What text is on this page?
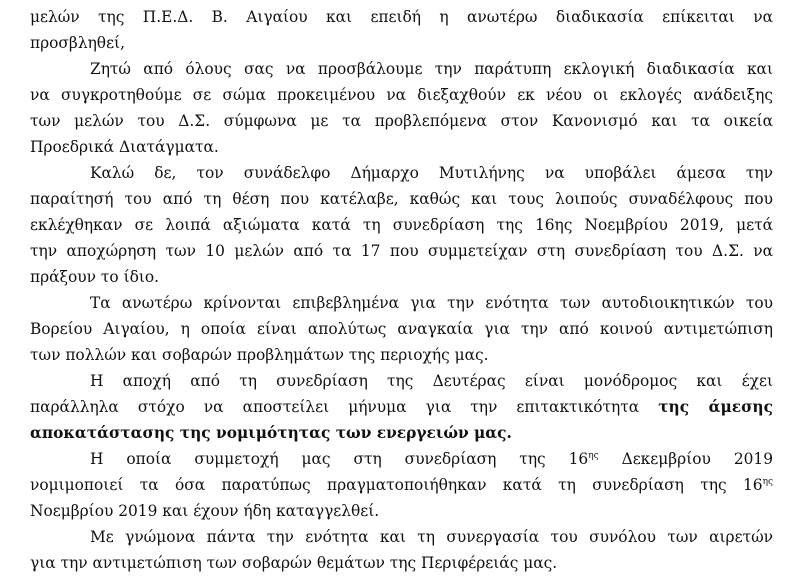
μελών της Π.Ε.Δ. Β. Αιγαίου και επειδή η ανωτέρω διαδικασία επίκειται να
προσβληθεί,
Ζητώ από όλους σας να προσβάλουμε την παράτυπη εκλογική διαδικασία και
να συγκροτηθούμε σε σώμα προκειμένου να διεξαχθούν εκ νέου οι εκλογές ανάδειξης
των μελών του Δ.Σ. σύμφωνα με τα προβλεπόμενα στον Κανονισμό και τα οικεία
Προεδρικά Διατάγματα.
Καλώ δε, τον συνάδελφο Δήμαρχο Μυτιλήνης να υποβάλει άμεσα την
παραίτησή του από τη θέση που κατέλαβε, καθώς και τους λοιπούς συναδέλφους που
εκλέχθηκαν σε λοιπά αξιώματα κατά τη συνεδρίαση της 16ης Νοεμβρίου 2019, μετά
την αποχώρηση των 10 μελών από τα 17 που συμμετείχαν στη συνεδρίαση του Δ.Σ. να
πράξουν το ίδιο.
Τα ανωτέρω κρίνονται επιβεβλημένα για την ενότητα των αυτοδιοικητικών του
Βορείου Αιγαίου, η οποία είναι απολύτως αναγκαία για την από κοινού αντιμετώπιση
των πολλών και σοβαρών προβλημάτων της περιοχής μας.
Η αποχή από τη συνεδρίαση της Δευτέρας είναι μονόδρομος και έχει
παράλληλα στόχο να αποστείλει μήνυμα για την επιτακτικότητα της άμεσης
αποκατάστασης της νομιμότητας των ενεργειών μας.
Η οποία συμμετοχή μας στη συνεδρίαση της $16^{\eta\varsigma}$ Δεκεμβρίου 2019
νομιμοποιεί τα όσα παρατύπως πραγματοποιήθηκαν κατά τη συνεδρίαση της $16^{\eta\varsigma}$
Νοεμβρίου 2019 και έχουν ήδη καταγγελθεί.
Με γνώμονα πάντα την ενότητα και τη συνεργασία του συνόλου των αιρετών
για την αντιμετώπιση των σοβαρών θεμάτων της Περιφέρειάς μας.
